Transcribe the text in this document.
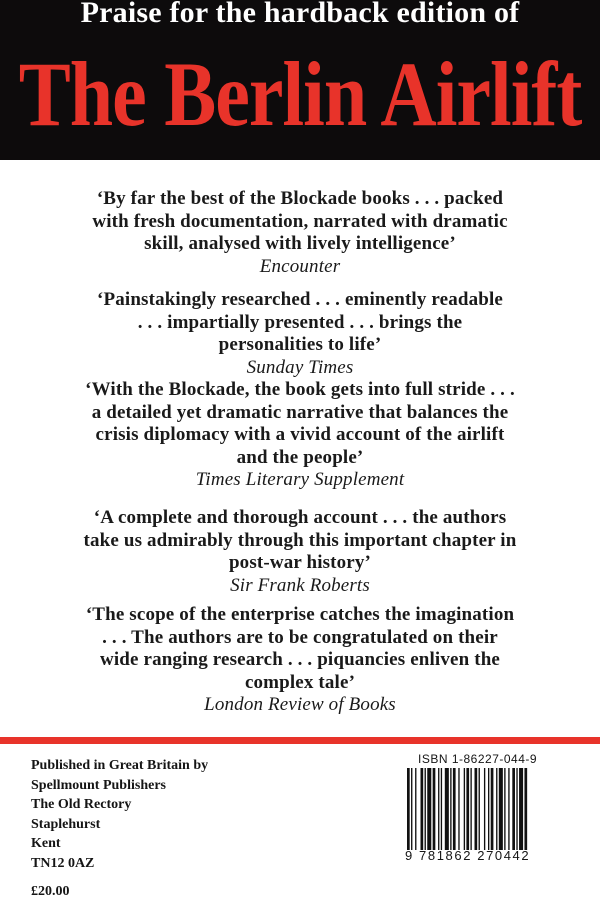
Praise for the hardback edition of
The Berlin Airlift
‘By far the best of the Blockade books . . . packed
with fresh documentation, narrated with dramatic
skill, analysed with lively intelligence’
Encounter
‘Painstakingly researched . . . eminently readable
. . . impartially presented . . . brings the
personalities to life’
Sunday Times
‘With the Blockade, the book gets into full stride . . .
a detailed yet dramatic narrative that balances the
crisis diplomacy with a vivid account of the airlift
and the people’
Times Literary Supplement
‘A complete and thorough account . . . the authors
take us admirably through this important chapter in
post-war history’
Sir Frank Roberts
‘The scope of the enterprise catches the imagination
. . . The authors are to be congratulated on their
wide ranging research . . . piquancies enliven the
complex tale’
London Review of Books
Published in Great Britain by
Spellmount Publishers
The Old Rectory
Staplehurst
Kent
TN12 0AZ
£20.00
ISBN 1-86227-044-9
9 781862 270442
